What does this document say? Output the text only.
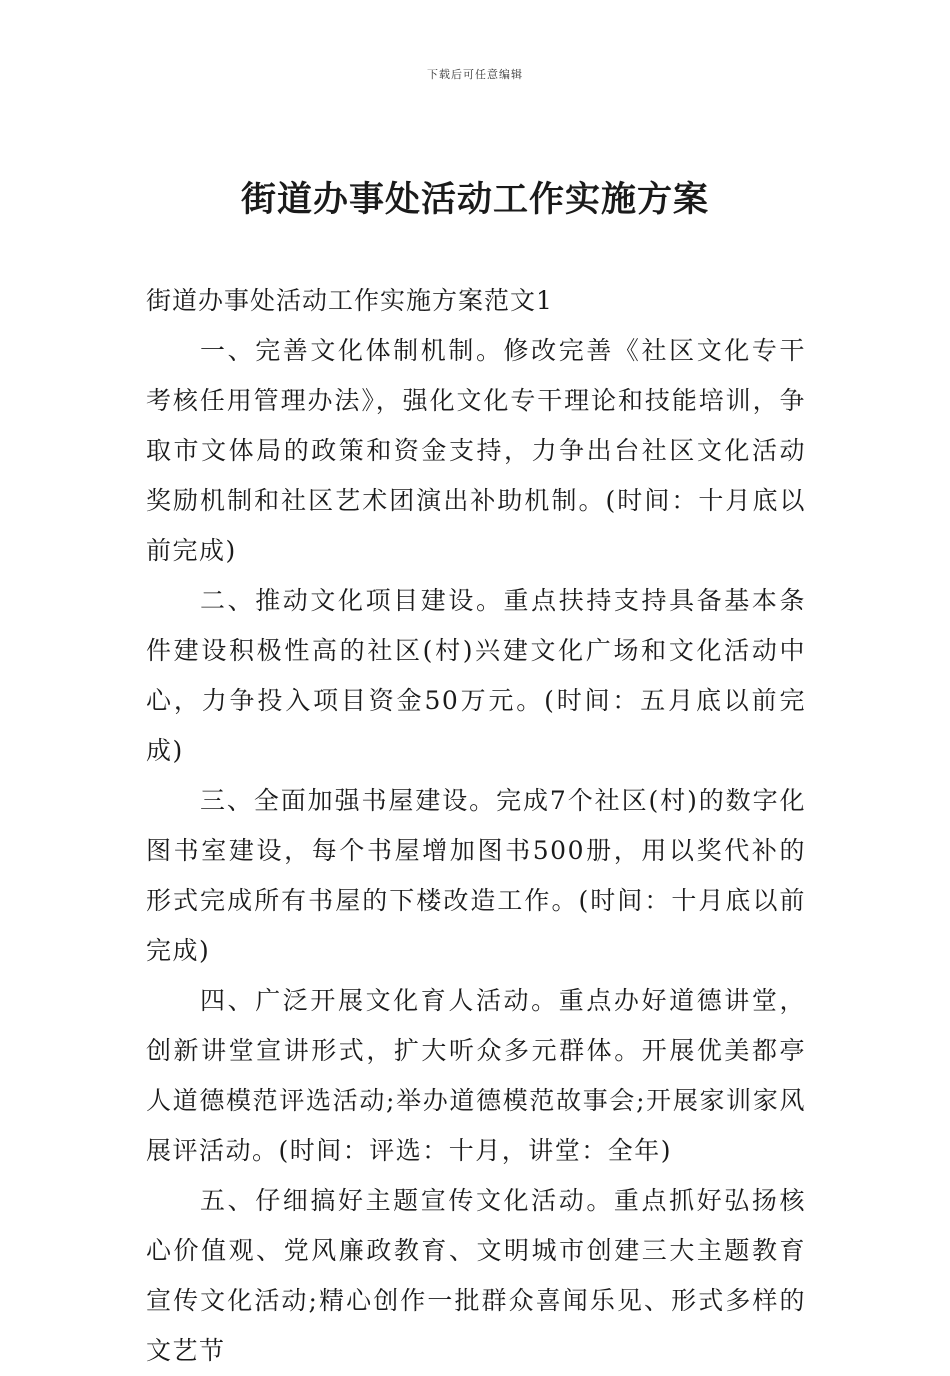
下载后可任意编辑
街道办事处活动工作实施方案

街道办事处活动工作实施方案范文1

一、完善文化体制机制。修改完善《社区文化专干考核任用管理办法》，强化文化专干理论和技能培训，争取市文体局的政策和资金支持，力争出台社区文化活动奖励机制和社区艺术团演出补助机制。(时间：十月底以前完成)

二、推动文化项目建设。重点扶持支持具备基本条件建设积极性高的社区(村)兴建文化广场和文化活动中心，力争投入项目资金50万元。(时间：五月底以前完成)

三、全面加强书屋建设。完成7个社区(村)的数字化图书室建设，每个书屋增加图书500册，用以奖代补的形式完成所有书屋的下楼改造工作。(时间：十月底以前完成)

四、广泛开展文化育人活动。重点办好道德讲堂，创新讲堂宣讲形式，扩大听众多元群体。开展优美都亭人道德模范评选活动;举办道德模范故事会;开展家训家风展评活动。(时间：评选：十月，讲堂：全年)

五、仔细搞好主题宣传文化活动。重点抓好弘扬核心价值观、党风廉政教育、文明城市创建三大主题教育宣传文化活动;精心创作一批群众喜闻乐见、形式多样的文艺节
